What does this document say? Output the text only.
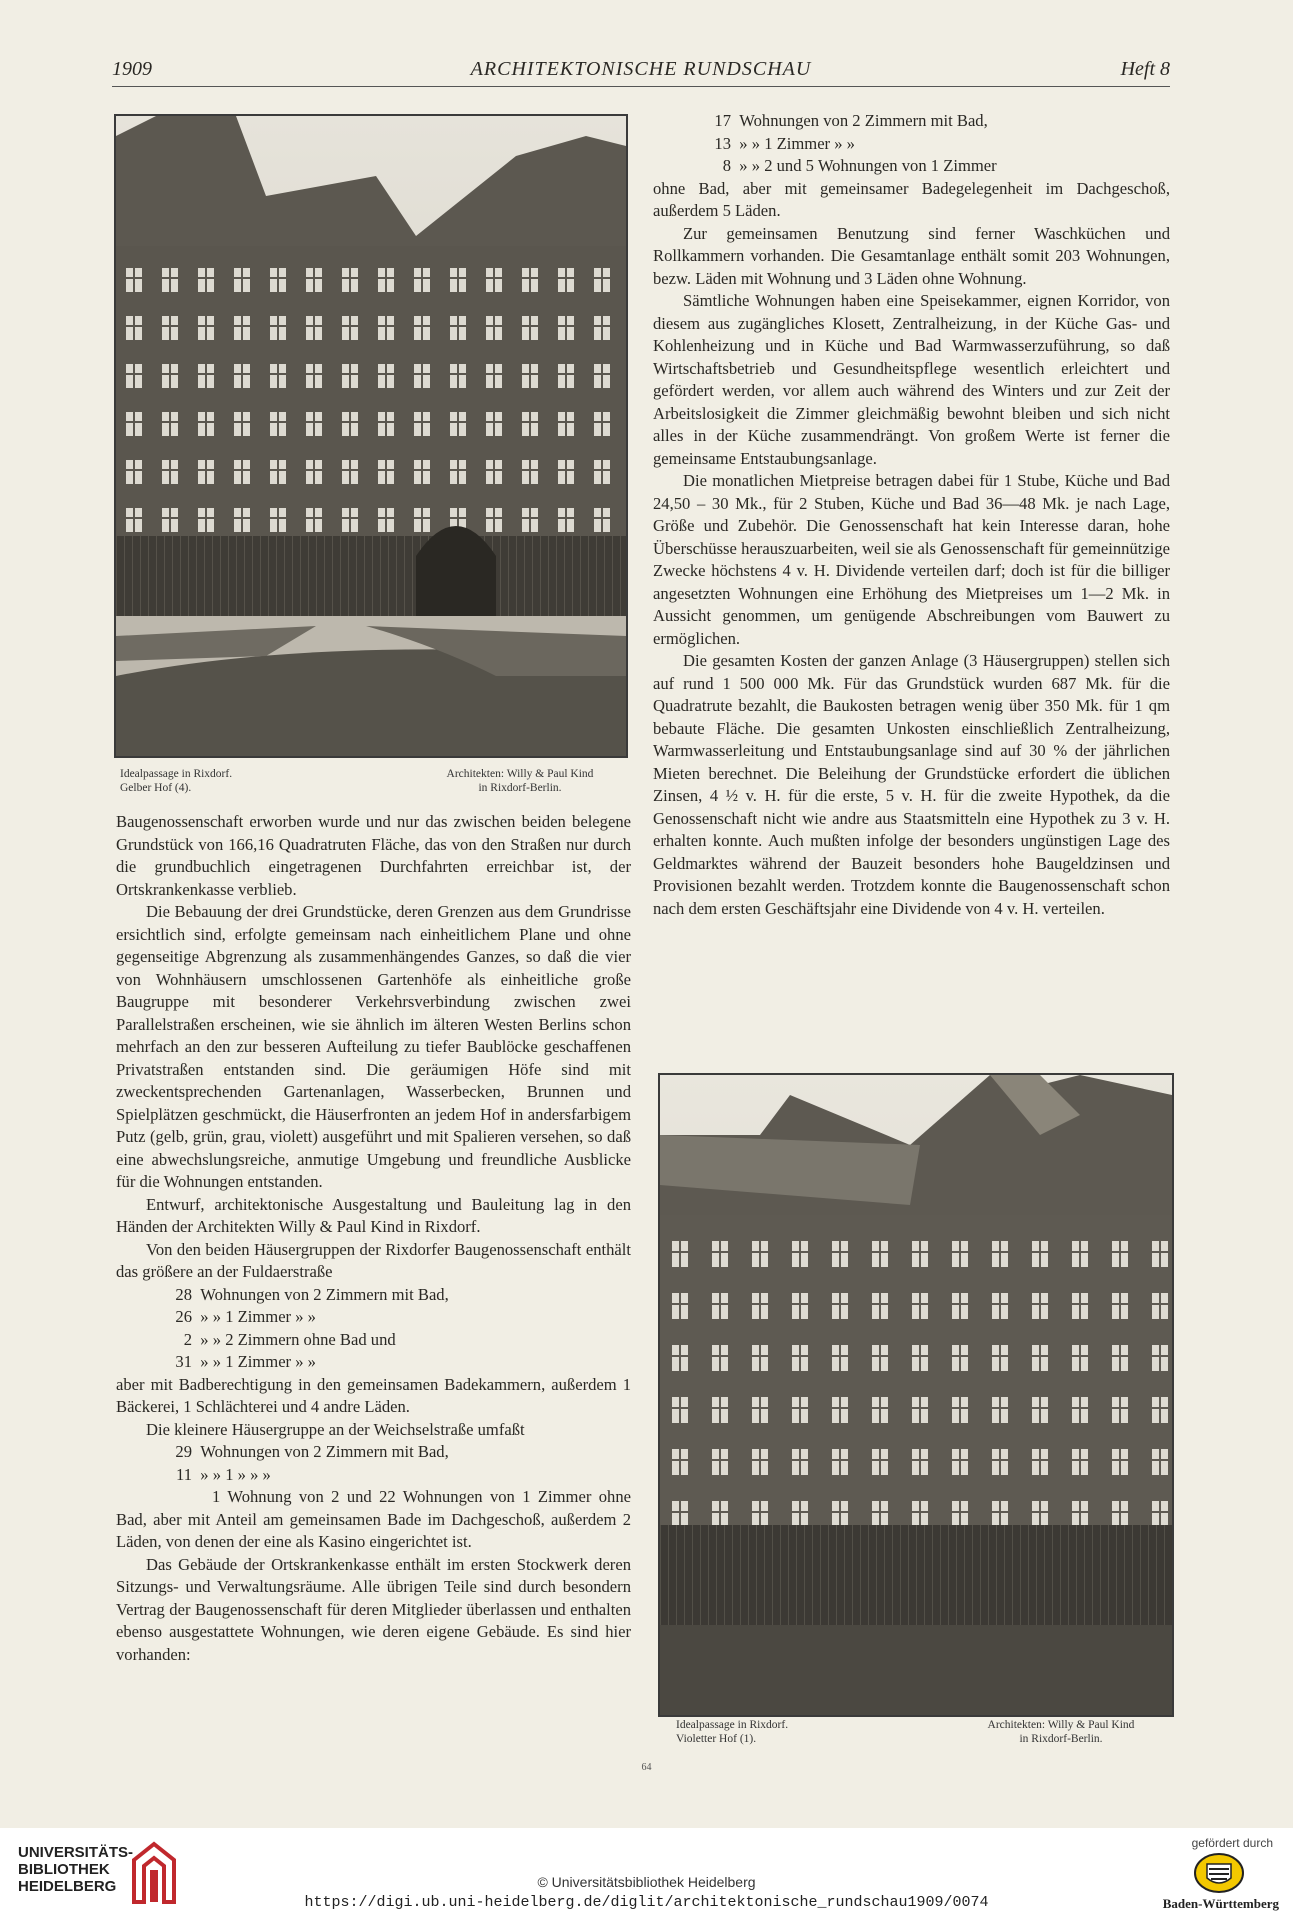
1909	ARCHITEKTONISCHE RUNDSCHAU	Heft 8
Idealpassage in Rixdorf.
Gelber Hof (4).
Architekten: Willy & Paul Kind
in Rixdorf-Berlin.

Baugenossenschaft erworben wurde und nur das zwischen beiden belegene Grundstück von 166,16 Quadratruten Fläche, das von den Straßen nur durch die grundbuchlich eingetragenen Durchfahrten erreichbar ist, der Ortskrankenkasse verblieb.

Die Bebauung der drei Grundstücke, deren Grenzen aus dem Grundrisse ersichtlich sind, erfolgte gemeinsam nach einheitlichem Plane und ohne gegenseitige Abgrenzung als zusammenhängendes Ganzes, so daß die vier von Wohnhäusern umschlossenen Gartenhöfe als einheitliche große Baugruppe mit besonderer Verkehrsverbindung zwischen zwei Parallelstraßen erscheinen, wie sie ähnlich im älteren Westen Berlins schon mehrfach an den zur besseren Aufteilung zu tiefer Baublöcke geschaffenen Privatstraßen entstanden sind. Die geräumigen Höfe sind mit zweckentsprechenden Gartenanlagen, Wasserbecken, Brunnen und Spielplätzen geschmückt, die Häuserfronten an jedem Hof in andersfarbigem Putz (gelb, grün, grau, violett) ausgeführt und mit Spalieren versehen, so daß eine abwechslungsreiche, anmutige Umgebung und freundliche Ausblicke für die Wohnungen entstanden.

Entwurf, architektonische Ausgestaltung und Bauleitung lag in den Händen der Architekten Willy & Paul Kind in Rixdorf.

Von den beiden Häusergruppen der Rixdorfer Baugenossenschaft enthält das größere an der Fuldaerstraße

28 Wohnungen von 2 Zimmern mit Bad,
26 » » 1 Zimmer » »
2 » » 2 Zimmern ohne Bad und
31 » » 1 Zimmer » »

aber mit Badberechtigung in den gemeinsamen Badekammern, außerdem 1 Bäckerei, 1 Schlächterei und 4 andre Läden.

Die kleinere Häusergruppe an der Weichselstraße umfaßt

29 Wohnungen von 2 Zimmern mit Bad,
11 » » 1 » » »

1 Wohnung von 2 und 22 Wohnungen von 1 Zimmer ohne Bad, aber mit Anteil am gemeinsamen Bade im Dachgeschoß, außerdem 2 Läden, von denen der eine als Kasino eingerichtet ist.

Das Gebäude der Ortskrankenkasse enthält im ersten Stockwerk deren Sitzungs- und Verwaltungsräume. Alle übrigen Teile sind durch besondern Vertrag der Baugenossenschaft für deren Mitglieder überlassen und enthalten ebenso ausgestattete Wohnungen, wie deren eigene Gebäude. Es sind hier vorhanden:

17 Wohnungen von 2 Zimmern mit Bad,
13 » » 1 Zimmer » »
8 » » 2 und 5 Wohnungen von 1 Zimmer

ohne Bad, aber mit gemeinsamer Badegelegenheit im Dachgeschoß, außerdem 5 Läden.

Zur gemeinsamen Benutzung sind ferner Waschküchen und Rollkammern vorhanden. Die Gesamtanlage enthält somit 203 Wohnungen, bezw. Läden mit Wohnung und 3 Läden ohne Wohnung.

Sämtliche Wohnungen haben eine Speisekammer, eignen Korridor, von diesem aus zugängliches Klosett, Zentralheizung, in der Küche Gas- und Kohlenheizung und in Küche und Bad Warmwasserzuführung, so daß Wirtschaftsbetrieb und Gesundheitspflege wesentlich erleichtert und gefördert werden, vor allem auch während des Winters und zur Zeit der Arbeitslosigkeit die Zimmer gleichmäßig bewohnt bleiben und sich nicht alles in der Küche zusammendrängt. Von großem Werte ist ferner die gemeinsame Entstaubungsanlage.

Die monatlichen Mietpreise betragen dabei für 1 Stube, Küche und Bad 24,50 – 30 Mk., für 2 Stuben, Küche und Bad 36—48 Mk. je nach Lage, Größe und Zubehör. Die Genossenschaft hat kein Interesse daran, hohe Überschüsse herauszuarbeiten, weil sie als Genossenschaft für gemeinnützige Zwecke höchstens 4 v. H. Dividende verteilen darf; doch ist für die billiger angesetzten Wohnungen eine Erhöhung des Mietpreises um 1—2 Mk. in Aussicht genommen, um genügende Abschreibungen vom Bauwert zu ermöglichen.

Die gesamten Kosten der ganzen Anlage (3 Häusergruppen) stellen sich auf rund 1 500 000 Mk. Für das Grundstück wurden 687 Mk. für die Quadratrute bezahlt, die Baukosten betragen wenig über 350 Mk. für 1 qm bebaute Fläche. Die gesamten Unkosten einschließlich Zentralheizung, Warmwasserleitung und Entstaubungsanlage sind auf 30 % der jährlichen Mieten berechnet. Die Beleihung der Grundstücke erfordert die üblichen Zinsen, 4 ½ v. H. für die erste, 5 v. H. für die zweite Hypothek, da die Genossenschaft nicht wie andre aus Staatsmitteln eine Hypothek zu 3 v. H. erhalten konnte. Auch mußten infolge der besonders ungünstigen Lage des Geldmarktes während der Bauzeit besonders hohe Baugeldzinsen und Provisionen bezahlt werden. Trotzdem konnte die Baugenossenschaft schon nach dem ersten Geschäftsjahr eine Dividende von 4 v. H. verteilen.

Idealpassage in Rixdorf.
Violetter Hof (1).
Architekten: Willy & Paul Kind
in Rixdorf-Berlin.
64
UNIVERSITÄTS-
BIBLIOTHEK
HEIDELBERG	© Universitätsbibliothek Heidelberg
https://digi.ub.uni-heidelberg.de/diglit/architektonische_rundschau1909/0074
gefördert durch
Baden-Württemberg
